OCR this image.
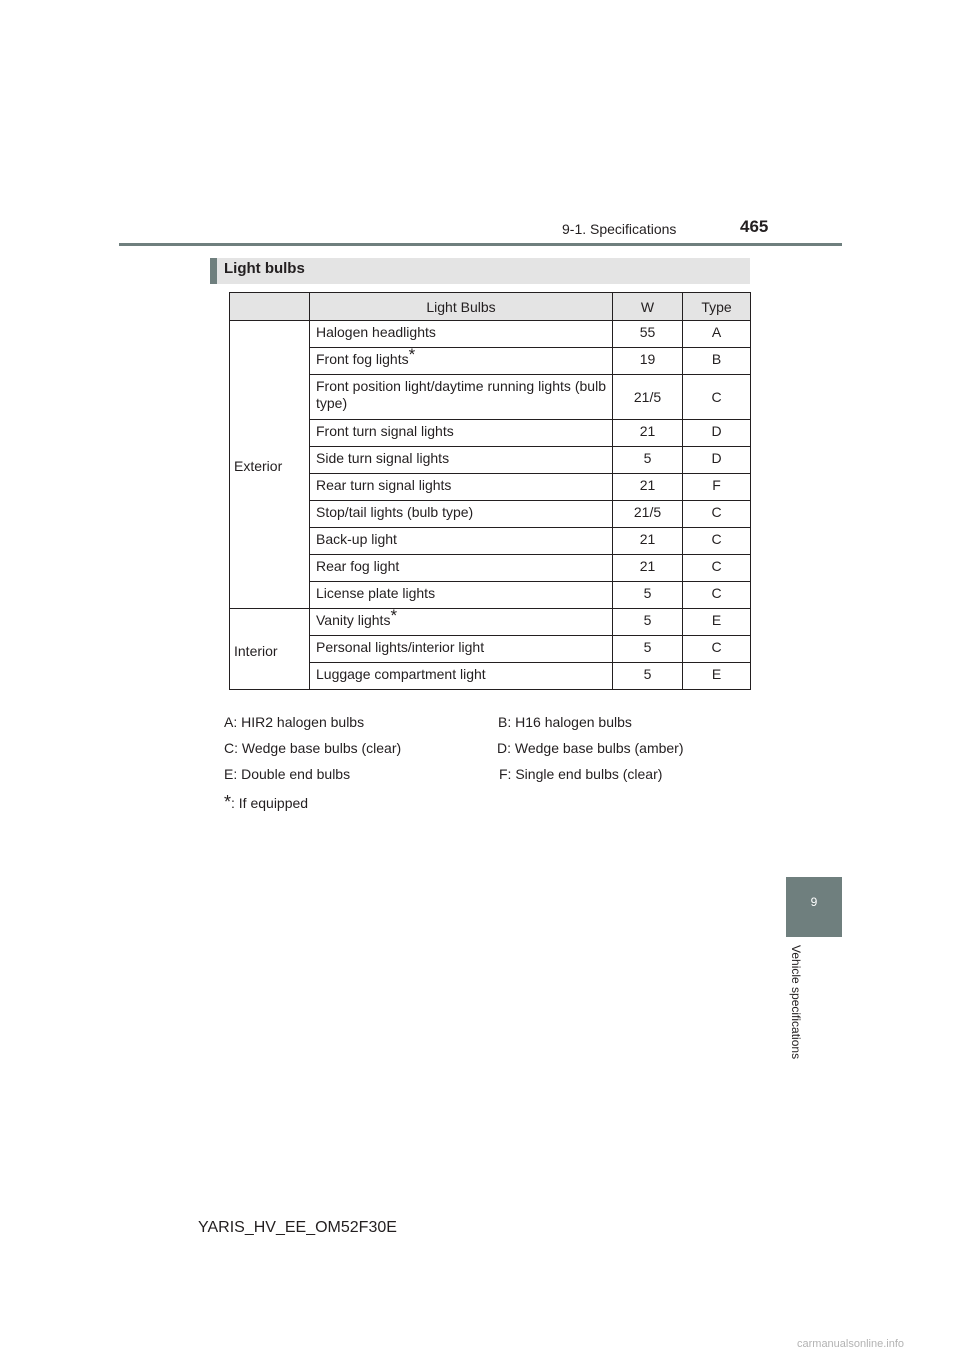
9-1. Specifications	465
Light bulbs
	Light Bulbs	W	Type
Exterior	Halogen headlights	55	A
	Front fog lights*	19	B
	Front position light/daytime running lights (bulb type)	21/5	C
	Front turn signal lights	21	D
	Side turn signal lights	5	D
	Rear turn signal lights	21	F
	Stop/tail lights (bulb type)	21/5	C
	Back-up light	21	C
	Rear fog light	21	C
	License plate lights	5	C
Interior	Vanity lights*	5	E
	Personal lights/interior light	5	C
	Luggage compartment light	5	E
A: HIR2 halogen bulbs	B: H16 halogen bulbs
C: Wedge base bulbs (clear)	D: Wedge base bulbs (amber)
E: Double end bulbs	F: Single end bulbs (clear)
*: If equipped
9
Vehicle specifications
YARIS_HV_EE_OM52F30E
carmanualsonline.info
